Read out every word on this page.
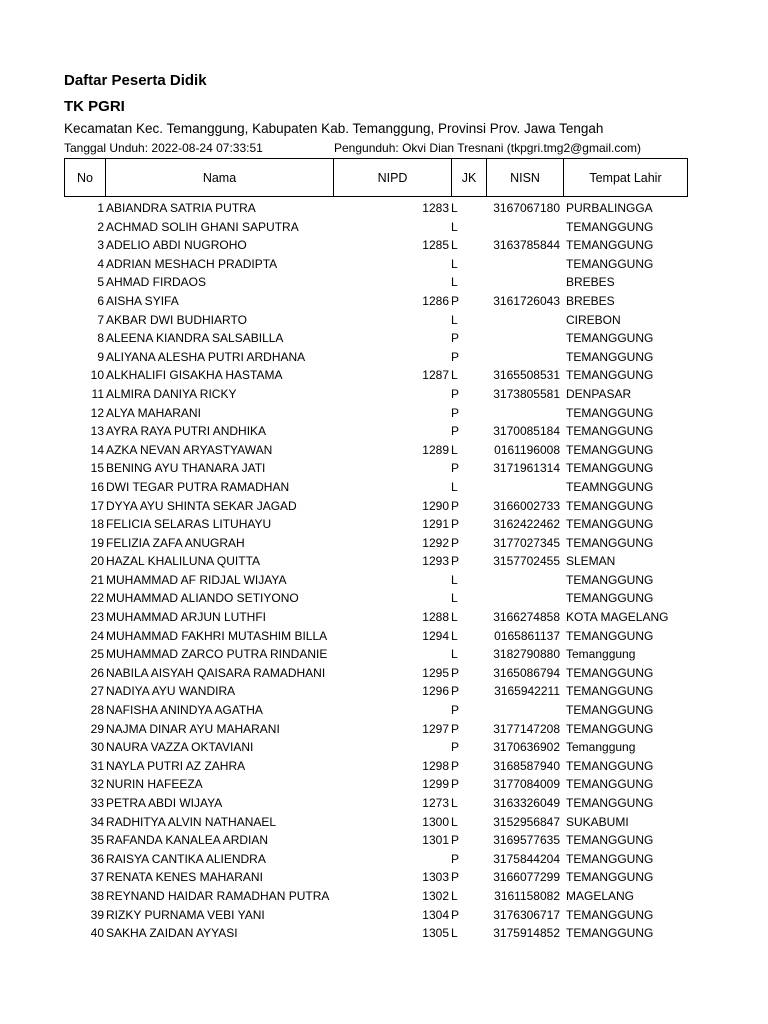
Daftar Peserta Didik
TK PGRI
Kecamatan Kec. Temanggung, Kabupaten Kab. Temanggung, Provinsi Prov. Jawa Tengah
Tanggal Unduh: 2022-08-24 07:33:51	Pengunduh: Okvi Dian Tresnani (tkpgri.tmg2@gmail.com)
No	Nama	NIPD	JK	NISN	Tempat Lahir
1 ABIANDRA SATRIA PUTRA	1283 L	3167067180 PURBALINGGA
2 ACHMAD SOLIH GHANI SAPUTRA	L	TEMANGGUNG
3 ADELIO ABDI NUGROHO	1285 L	3163785844 TEMANGGUNG
4 ADRIAN MESHACH PRADIPTA	L	TEMANGGUNG
5 AHMAD FIRDAOS	L	BREBES
6 AISHA SYIFA	1286 P	3161726043 BREBES
7 AKBAR DWI BUDHIARTO	L	CIREBON
8 ALEENA KIANDRA SALSABILLA	P	TEMANGGUNG
9 ALIYANA ALESHA PUTRI ARDHANA	P	TEMANGGUNG
10 ALKHALIFI GISAKHA HASTAMA	1287 L	3165508531 TEMANGGUNG
11 ALMIRA DANIYA RICKY	P	3173805581 DENPASAR
12 ALYA MAHARANI	P	TEMANGGUNG
13 AYRA RAYA PUTRI ANDHIKA	P	3170085184 TEMANGGUNG
14 AZKA NEVAN ARYASTYAWAN	1289 L	0161196008 TEMANGGUNG
15 BENING AYU THANARA JATI	P	3171961314 TEMANGGUNG
16 DWI TEGAR PUTRA RAMADHAN	L	TEAMNGGUNG
17 DYYA AYU SHINTA SEKAR JAGAD	1290 P	3166002733 TEMANGGUNG
18 FELICIA SELARAS LITUHAYU	1291 P	3162422462 TEMANGGUNG
19 FELIZIA ZAFA ANUGRAH	1292 P	3177027345 TEMANGGUNG
20 HAZAL KHALILUNA QUITTA	1293 P	3157702455 SLEMAN
21 MUHAMMAD AF RIDJAL WIJAYA	L	TEMANGGUNG
22 MUHAMMAD ALIANDO SETIYONO	L	TEMANGGUNG
23 MUHAMMAD ARJUN LUTHFI	1288 L	3166274858 KOTA MAGELANG
24 MUHAMMAD FAKHRI MUTASHIM BILLA	1294 L	0165861137 TEMANGGUNG
25 MUHAMMAD ZARCO PUTRA RINDANIE	L	3182790880 Temanggung
26 NABILA AISYAH QAISARA RAMADHANI	1295 P	3165086794 TEMANGGUNG
27 NADIYA AYU WANDIRA	1296 P	3165942211 TEMANGGUNG
28 NAFISHA ANINDYA AGATHA	P	TEMANGGUNG
29 NAJMA DINAR AYU MAHARANI	1297 P	3177147208 TEMANGGUNG
30 NAURA VAZZA OKTAVIANI	P	3170636902 Temanggung
31 NAYLA PUTRI AZ ZAHRA	1298 P	3168587940 TEMANGGUNG
32 NURIN HAFEEZA	1299 P	3177084009 TEMANGGUNG
33 PETRA ABDI WIJAYA	1273 L	3163326049 TEMANGGUNG
34 RADHITYA ALVIN NATHANAEL	1300 L	3152956847 SUKABUMI
35 RAFANDA KANALEA ARDIAN	1301 P	3169577635 TEMANGGUNG
36 RAISYA CANTIKA ALIENDRA	P	3175844204 TEMANGGUNG
37 RENATA KENES MAHARANI	1303 P	3166077299 TEMANGGUNG
38 REYNAND HAIDAR RAMADHAN PUTRA	1302 L	3161158082 MAGELANG
39 RIZKY PURNAMA VEBI YANI	1304 P	3176306717 TEMANGGUNG
40 SAKHA ZAIDAN AYYASI	1305 L	3175914852 TEMANGGUNG
